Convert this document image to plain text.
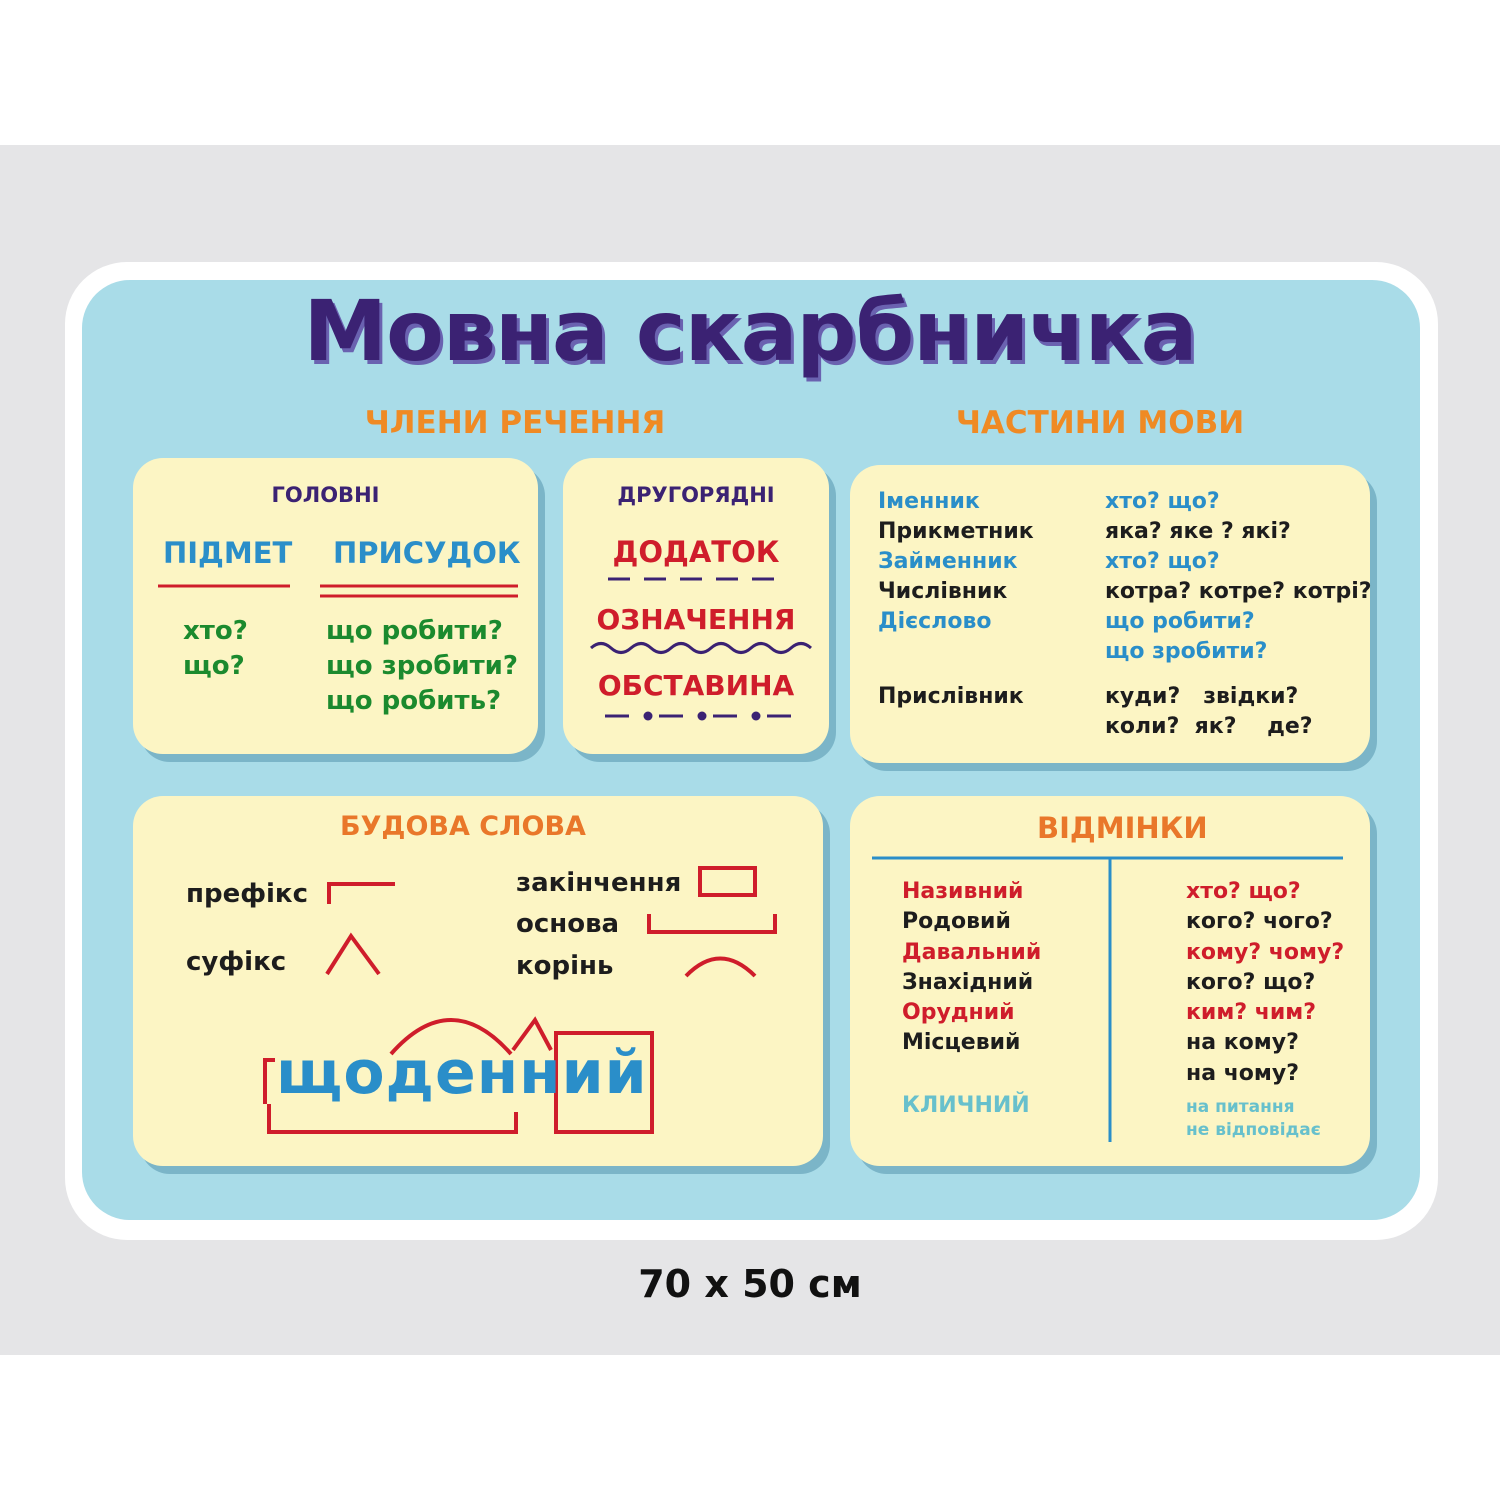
Мовна скарбничка
ЧЛЕНИ РЕЧЕННЯ	ЧАСТИНИ МОВИ
ГОЛОВНІ
ПІДМЕТ ПРИСУДОК
хто?
що?
що робити?
що зробити?
що робить?
ДРУГОРЯДНІ
ДОДАТОК
ОЗНАЧЕННЯ
ОБСТАВИНА
Іменник
Прикметник
Займенник
Числівник
Дієслово
Прислівник
хто? що?
яка? яке ? які?
хто? що?
котра? котре? котрі?
що робити?
що зробити?
куди?   звідки?
коли?  як?    де?
БУДОВА СЛОВА
префікс
суфікс
закінчення
основа
корінь
щоденний
ВІДМІНКИ
Називний
Родовий
Давальний
Знахідний
Орудний
Місцевий
КЛИЧНИЙ
хто? що?
кого? чого?
кому? чому?
кого? що?
ким? чим?
на кому?
на чому?
на питання
не відповідає
70 х 50 см
